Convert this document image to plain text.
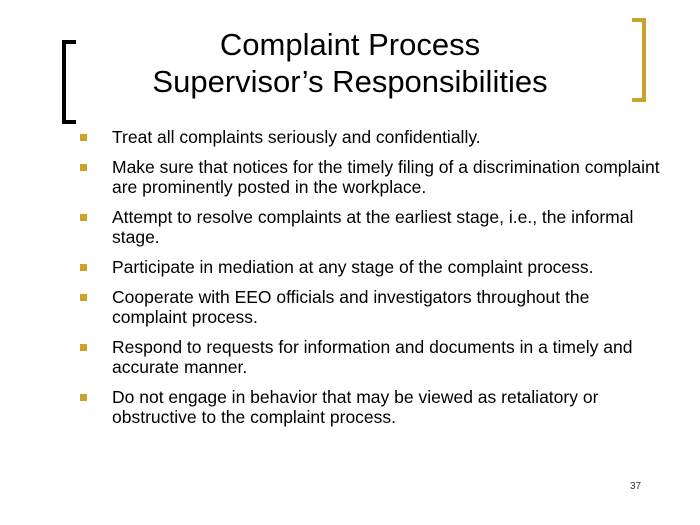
Complaint Process
Supervisor’s Responsibilities
Treat all complaints seriously and confidentially.
Make sure that notices for the timely filing of a discrimination complaint are prominently posted in the workplace.
Attempt to resolve complaints at the earliest stage, i.e., the informal stage.
Participate in mediation at any stage of the complaint process.
Cooperate with EEO officials and investigators throughout the complaint process.
Respond to requests for information and documents in a timely and accurate manner.
Do not engage in behavior that may be viewed as retaliatory or obstructive to the complaint process.
37
